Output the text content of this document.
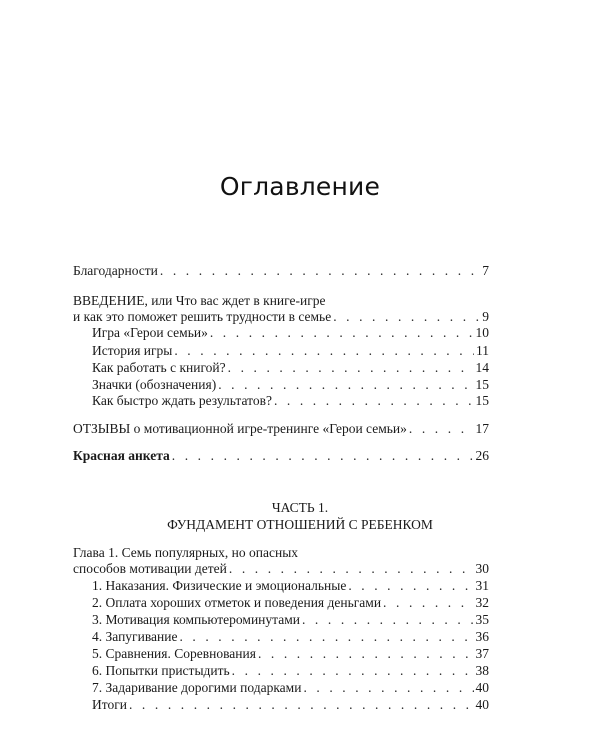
Оглавление
Благодарности . . .	7
ВВЕДЕНИЕ, или Что вас ждет в книге-игре
и как это поможет решить трудности в семье . . .	9
Игра «Герои семьи» . . .	10
История игры . . .	11
Как работать с книгой? . . .	14
Значки (обозначения) . . .	15
Как быстро ждать результатов? . . .	15
ОТЗЫВЫ о мотивационной игре-тренинге «Герои семьи» . . .	17
Красная анкета . . .	26
ЧАСТЬ 1.
ФУНДАМЕНТ ОТНОШЕНИЙ С РЕБЕНКОМ
Глава 1. Семь популярных, но опасных
способов мотивации детей . . .	30
1. Наказания. Физические и эмоциональные . . .	31
2. Оплата хороших отметок и поведения деньгами . . .	32
3. Мотивация компьютероминутами . . .	35
4. Запугивание . . .	36
5. Сравнения. Соревнования . . .	37
6. Попытки пристыдить . . .	38
7. Задаривание дорогими подарками . . .	40
Итоги . . .	40
